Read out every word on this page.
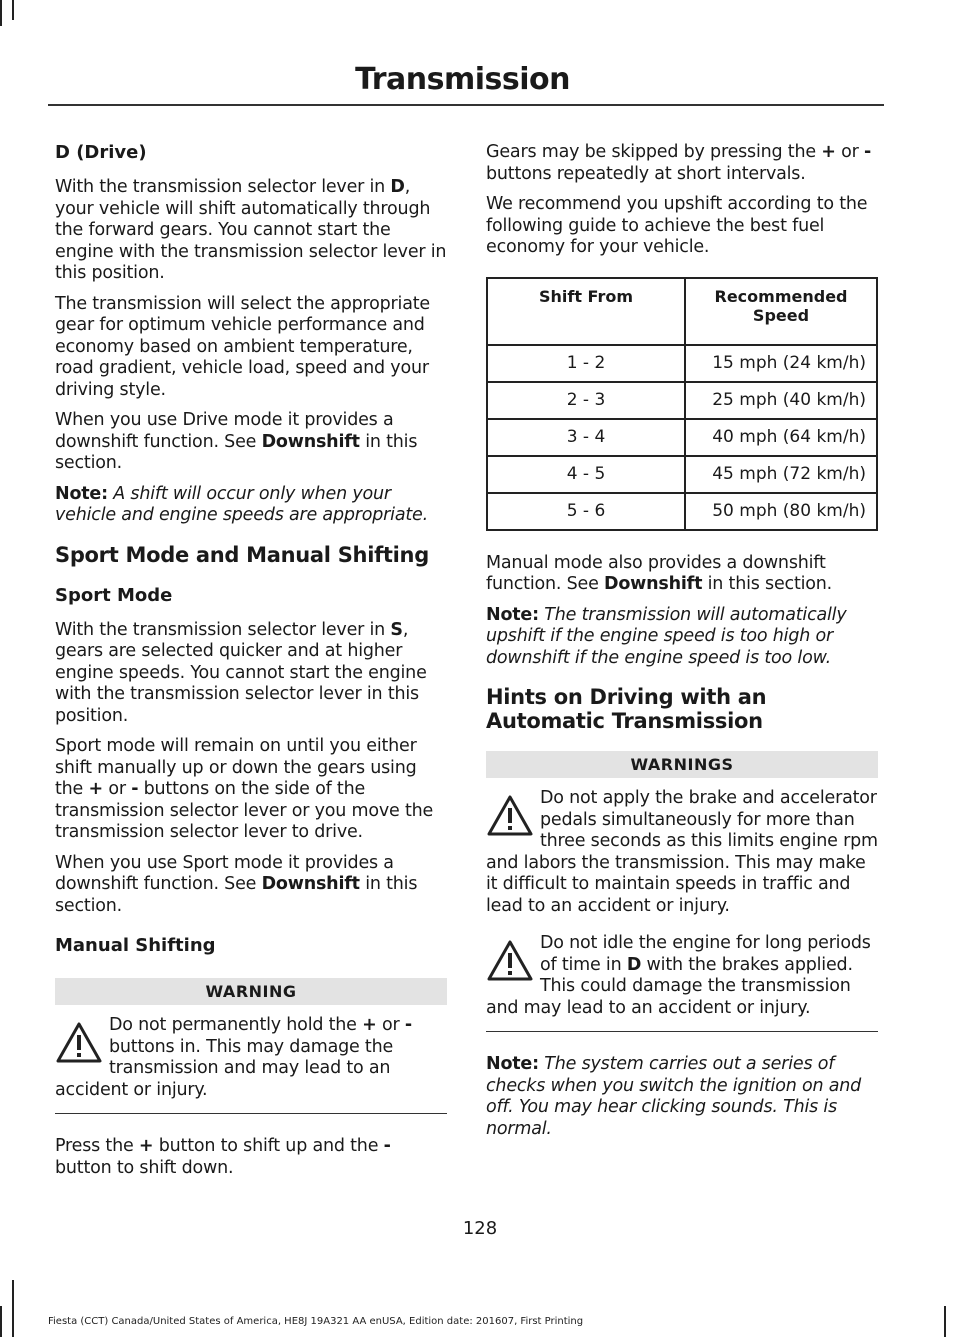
Transmission
D (Drive)

With the transmission selector lever in D, your vehicle will shift automatically through the forward gears. You cannot start the engine with the transmission selector lever in this position.

The transmission will select the appropriate gear for optimum vehicle performance and economy based on ambient temperature, road gradient, vehicle load, speed and your driving style.

When you use Drive mode it provides a downshift function. See Downshift in this section.

Note: A shift will occur only when your vehicle and engine speeds are appropriate.

Sport Mode and Manual Shifting
Sport Mode

With the transmission selector lever in S, gears are selected quicker and at higher engine speeds. You cannot start the engine with the transmission selector lever in this position.

Sport mode will remain on until you either shift manually up or down the gears using the + or - buttons on the side of the transmission selector lever or you move the transmission selector lever to drive.

When you use Sport mode it provides a downshift function. See Downshift in this section.

Manual Shifting
WARNING
Do not permanently hold the + or - buttons in. This may damage the transmission and may lead to an accident or injury.

Press the + button to shift up and the - button to shift down.

Gears may be skipped by pressing the + or - buttons repeatedly at short intervals.

We recommend you upshift according to the following guide to achieve the best fuel economy for your vehicle.

Shift From	Recommended Speed
1 - 2	15 mph (24 km/h)
2 - 3	25 mph (40 km/h)
3 - 4	40 mph (64 km/h)
4 - 5	45 mph (72 km/h)
5 - 6	50 mph (80 km/h)

Manual mode also provides a downshift function. See Downshift in this section.

Note: The transmission will automatically upshift if the engine speed is too high or downshift if the engine speed is too low.

Hints on Driving with an Automatic Transmission
WARNINGS
Do not apply the brake and accelerator pedals simultaneously for more than three seconds as this limits engine rpm and labors the transmission. This may make it difficult to maintain speeds in traffic and lead to an accident or injury.
Do not idle the engine for long periods of time in D with the brakes applied. This could damage the transmission and may lead to an accident or injury.

Note: The system carries out a series of checks when you switch the ignition on and off. You may hear clicking sounds. This is normal.

128
Fiesta (CCT) Canada/United States of America, HE8J 19A321 AA enUSA, Edition date: 201607, First Printing
